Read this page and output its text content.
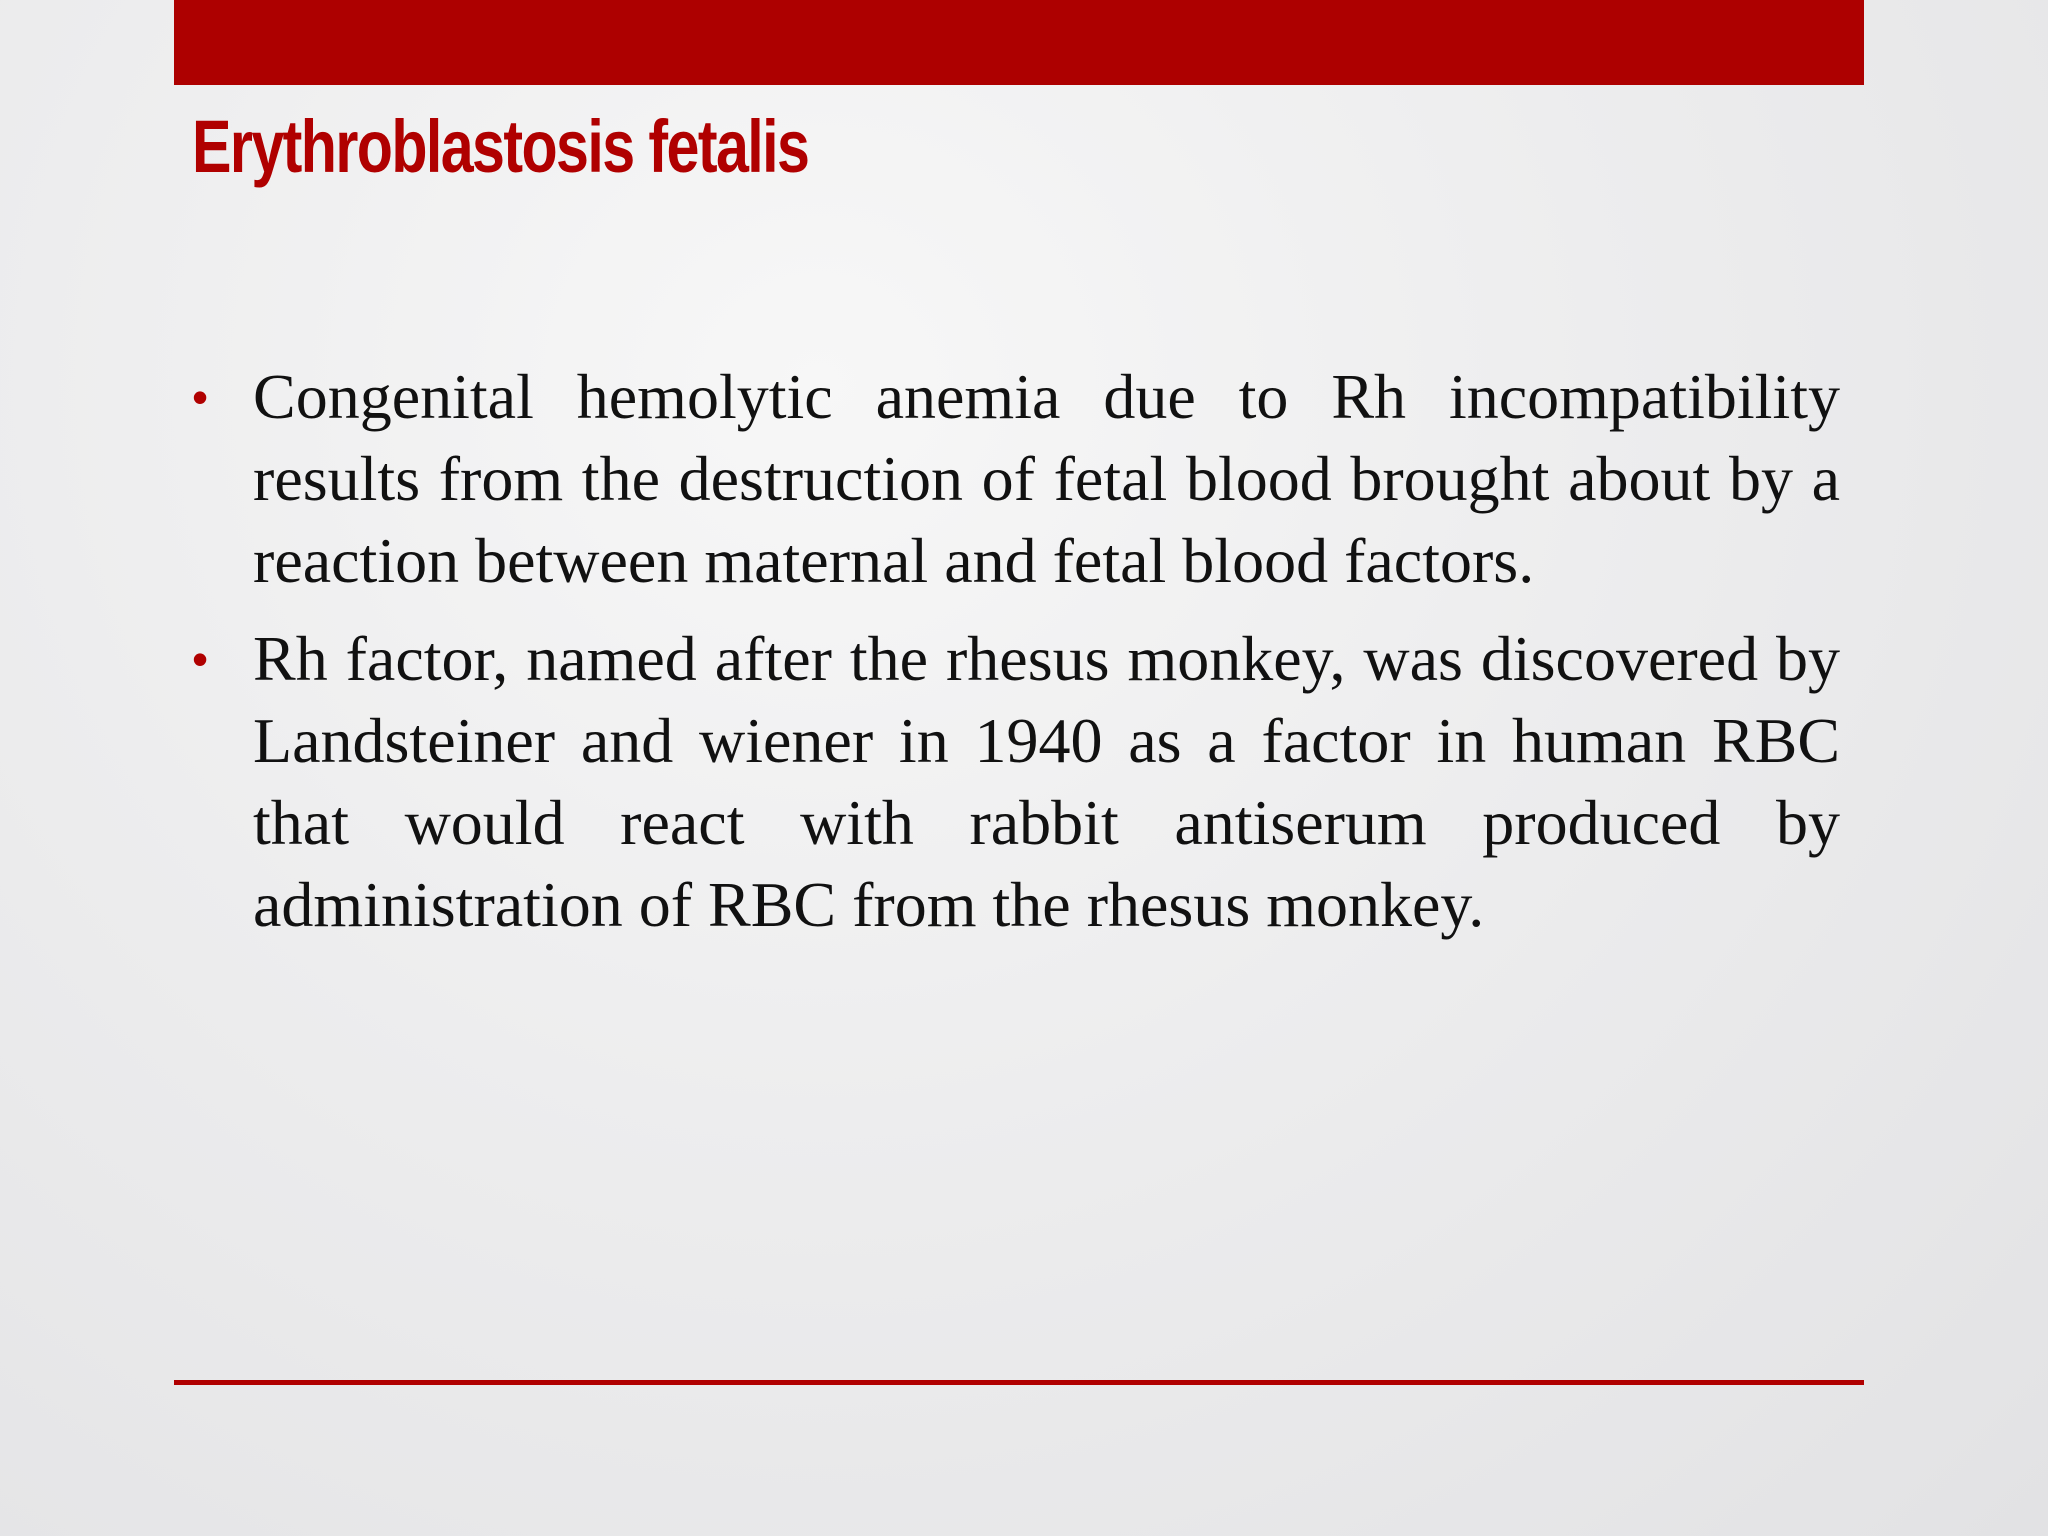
Erythroblastosis fetalis
• Congenital hemolytic anemia due to Rh incompatibility results from the destruction of fetal blood brought about by a reaction between maternal and fetal blood factors.
• Rh factor, named after the rhesus monkey, was discovered by Landsteiner and wiener in 1940 as a factor in human RBC that would react with rabbit antiserum produced by administration of RBC from the rhesus monkey.
